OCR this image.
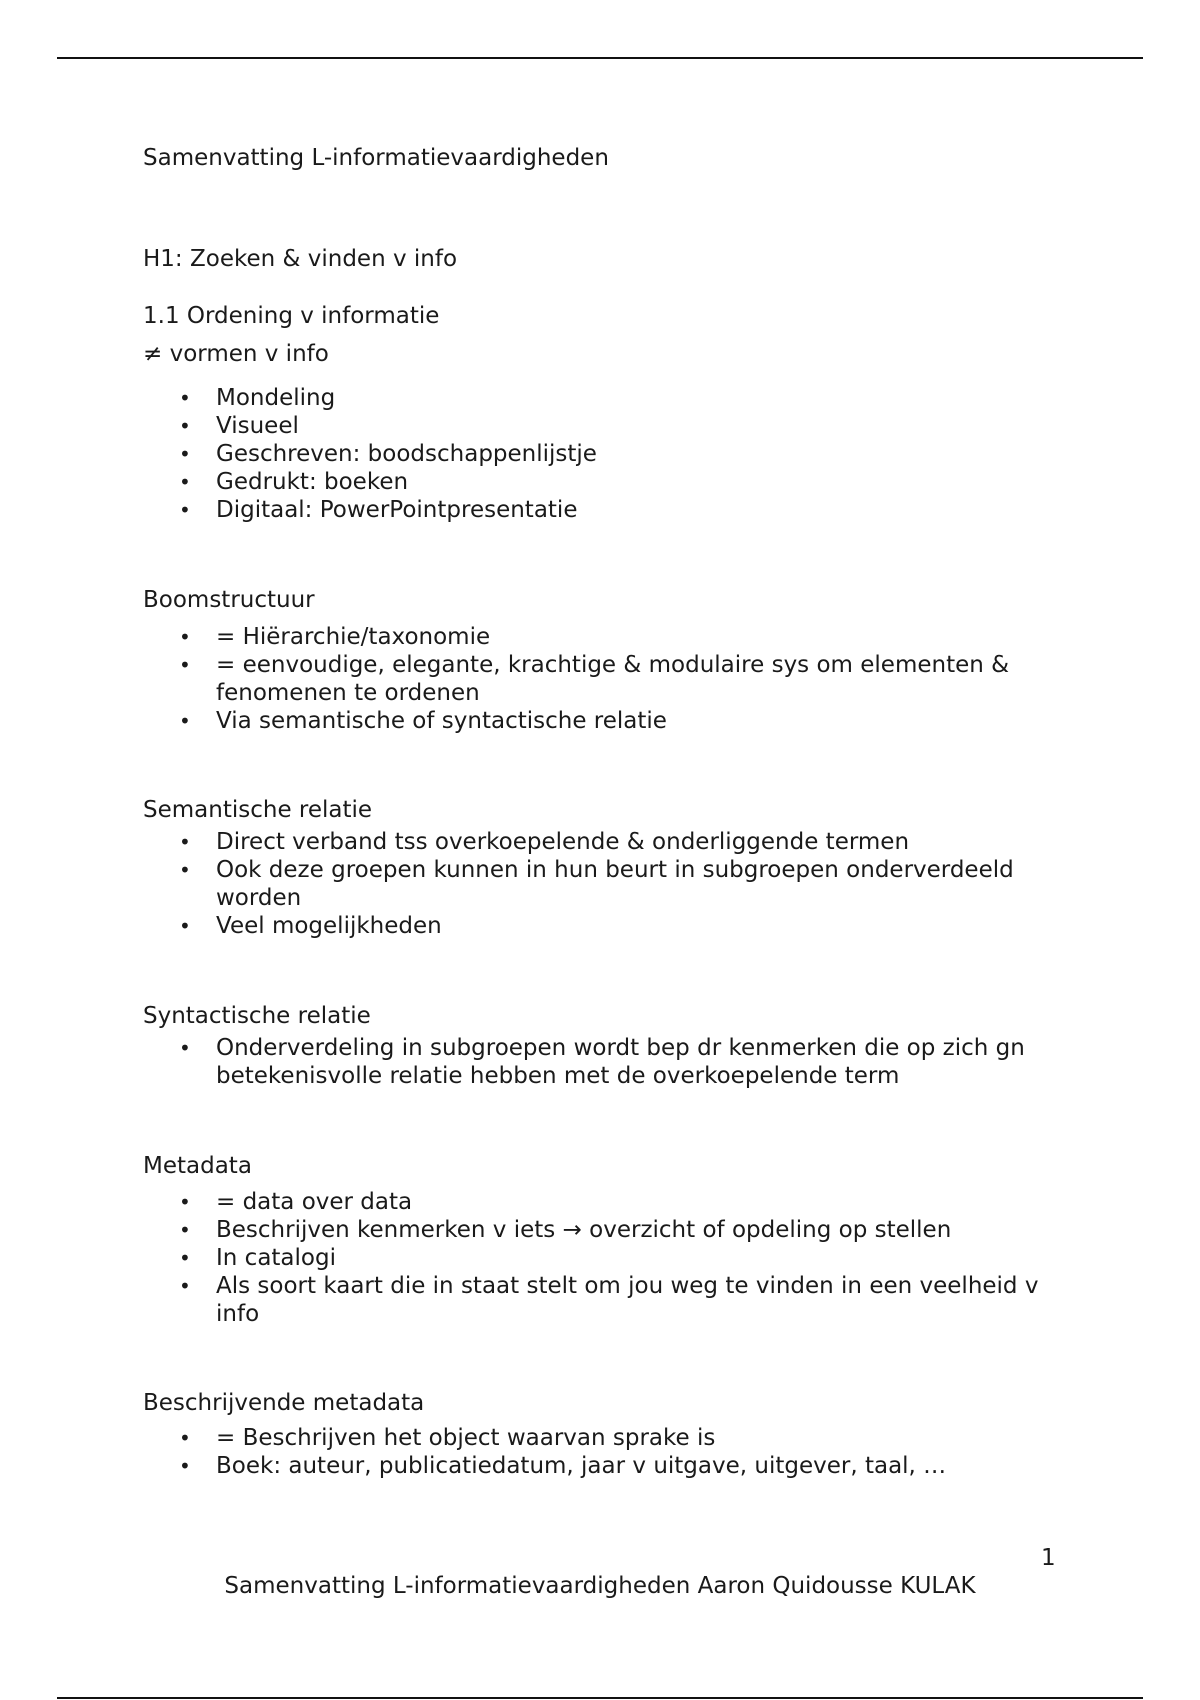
Samenvatting L-informatievaardigheden

H1: Zoeken & vinden v info

1.1 Ordening v informatie

≠ vormen v info

• Mondeling
• Visueel
• Geschreven: boodschappenlijstje
• Gedrukt: boeken
• Digitaal: PowerPointpresentatie

Boomstructuur

• = Hiërarchie/taxonomie
• = eenvoudige, elegante, krachtige & modulaire sys om elementen & fenomenen te ordenen
• Via semantische of syntactische relatie

Semantische relatie

• Direct verband tss overkoepelende & onderliggende termen
• Ook deze groepen kunnen in hun beurt in subgroepen onderverdeeld worden
• Veel mogelijkheden

Syntactische relatie

• Onderverdeling in subgroepen wordt bep dr kenmerken die op zich gn betekenisvolle relatie hebben met de overkoepelende term

Metadata

• = data over data
• Beschrijven kenmerken v iets → overzicht of opdeling op stellen
• In catalogi
• Als soort kaart die in staat stelt om jou weg te vinden in een veelheid v info

Beschrijvende metadata

• = Beschrijven het object waarvan sprake is
• Boek: auteur, publicatiedatum, jaar v uitgave, uitgever, taal, …
1
Samenvatting L-informatievaardigheden Aaron Quidousse KULAK
